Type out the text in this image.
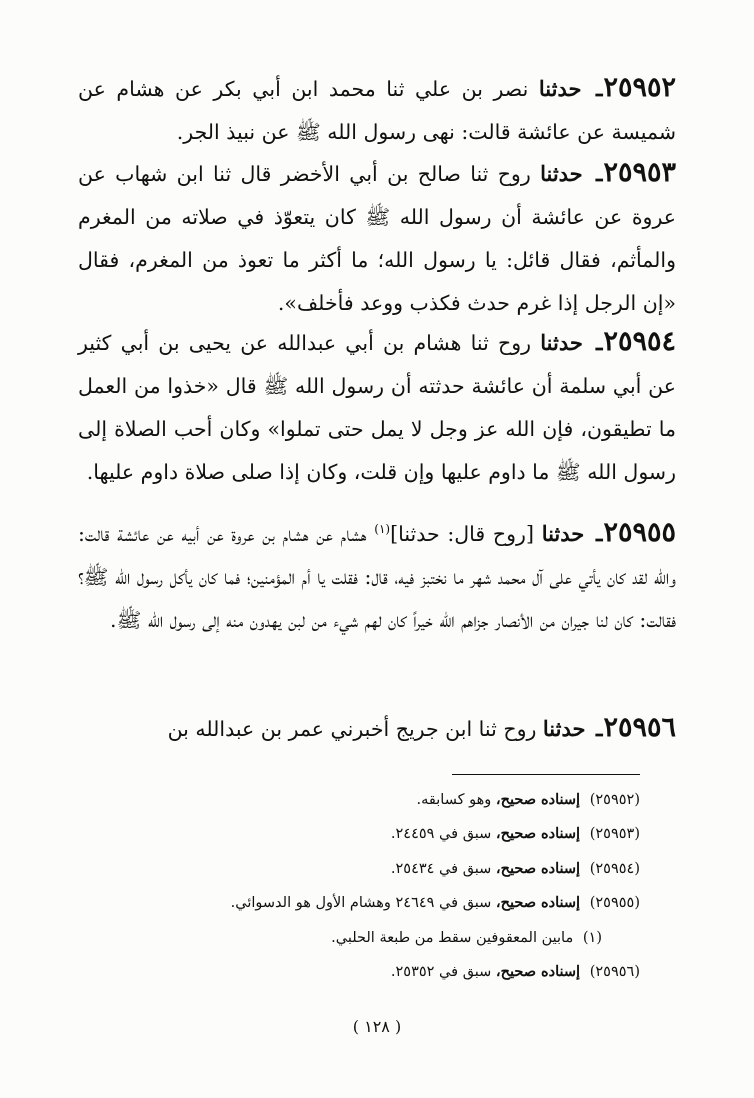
٢٥٩٥٢ـ حدثنا نصر بن علي ثنا محمد ابن أبي بكر عن هشام عن شميسة عن عائشة قالت: نهى رسول الله ﷺ عن نبيذ الجر.

٢٥٩٥٣ـ حدثنا روح ثنا صالح بن أبي الأخضر قال ثنا ابن شهاب عن عروة عن عائشة أن رسول الله ﷺ كان يتعوّذ في صلاته من المغرم والمأثم، فقال قائل: يا رسول الله؛ ما أكثر ما تعوذ من المغرم، فقال «إن الرجل إذا غرم حدث فكذب ووعد فأخلف».

٢٥٩٥٤ـ حدثنا روح ثنا هشام بن أبي عبدالله عن يحيى بن أبي كثير عن أبي سلمة أن عائشة حدثته أن رسول الله ﷺ قال «خذوا من العمل ما تطيقون، فإن الله عز وجل لا يمل حتى تملوا» وكان أحب الصلاة إلى رسول الله ﷺ ما داوم عليها وإن قلت، وكان إذا صلى صلاة داوم عليها.

٢٥٩٥٥ـ حدثنا [روح قال: حدثنا]$^{(١)}$ هشام عن هشام بن عروة عن أبيه عن عائشة قالت: والله لقد كان يأتي على آل محمد شهر ما نختبز فيه، قال: فقلت يا أم المؤمنين؛ فما كان يأكل رسول الله ﷺ؟ فقالت: كان لنا جيران من الأنصار جزاهم الله خيراً كان لهم شيء من لبن يهدون منه إلى رسول الله ﷺ.

٢٥٩٥٦ـ حدثنا روح ثنا ابن جريج أخبرني عمر بن عبدالله بن

(٢٥٩٥٢) إسناده صحيح، وهو كسابقه.
(٢٥٩٥٣) إسناده صحيح، سبق في ٢٤٤٥٩.
(٢٥٩٥٤) إسناده صحيح، سبق في ٢٥٤٣٤.
(٢٥٩٥٥) إسناده صحيح، سبق في ٢٤٦٤٩ وهشام الأول هو الدسوائي.
(١) مابين المعقوفين سقط من طبعة الحلبي.
(٢٥٩٥٦) إسناده صحيح، سبق في ٢٥٣٥٢.
( ١٢٨ )
